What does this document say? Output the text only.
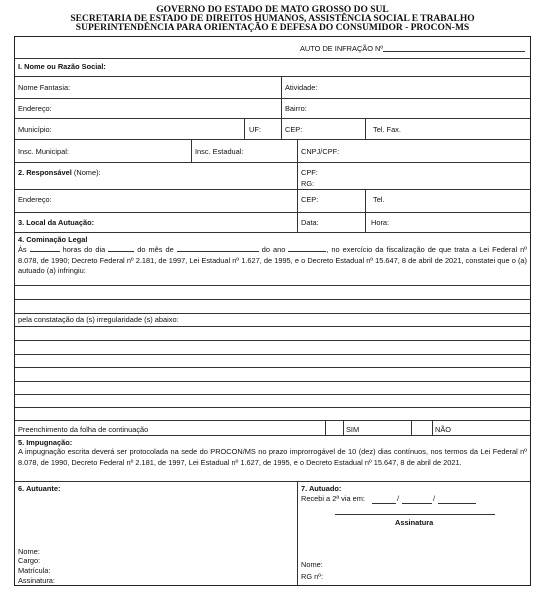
GOVERNO DO ESTADO DE MATO GROSSO DO SUL
SECRETARIA DE ESTADO DE DIREITOS HUMANOS, ASSISTÊNCIA SOCIAL E TRABALHO
SUPERINTENDÊNCIA PARA ORIENTAÇÃO E DEFESA DO CONSUMIDOR - PROCON-MS
AUTO DE INFRAÇÃO Nº
I. Nome ou Razão Social:
Nome Fantasia:	Atividade:
Endereço:	Bairro:
Município:	UF:	CEP:	Tel. Fax.
Insc. Municipal:	Insc. Estadual:	CNPJ/CPF:
2. Responsável (Nome):	CPF:
RG:
Endereço:	CEP:	Tel.
3. Local da Autuação:	Data:	Hora:
4. Cominação Legal
Às	horas do dia	do mês de	do ano	, no exercício da fiscalização de que trata a Lei Federal nº 8.078, de 1990; Decreto Federal nº 2.181, de 1997, Lei Estadual nº 1.627, de 1995, e o Decreto Estadual nº 15.647, 8 de abril de 2021, constatei que o (a) autuado (a) infringiu:
pela constatação da (s) irregularidade (s) abaixo:
Preenchimento da folha de continuação	SIM	NÃO
5. Impugnação:
A impugnação escrita deverá ser protocolada na sede do PROCON/MS no prazo improrrogável de 10 (dez) dias contínuos, nos termos da Lei Federal nº 8.078, de 1990, Decreto Federal nº 2.181, de 1997, Lei Estadual nº 1.627, de 1995, e o Decreto Estadual nº 15.647, 8 de abril de 2021.
6. Autuante:
Nome:
Cargo:
Matrícula:
Assinatura:
7. Autuado:
Recebi a 2ª via em:	/	/
Assinatura
Nome:
RG nº:
